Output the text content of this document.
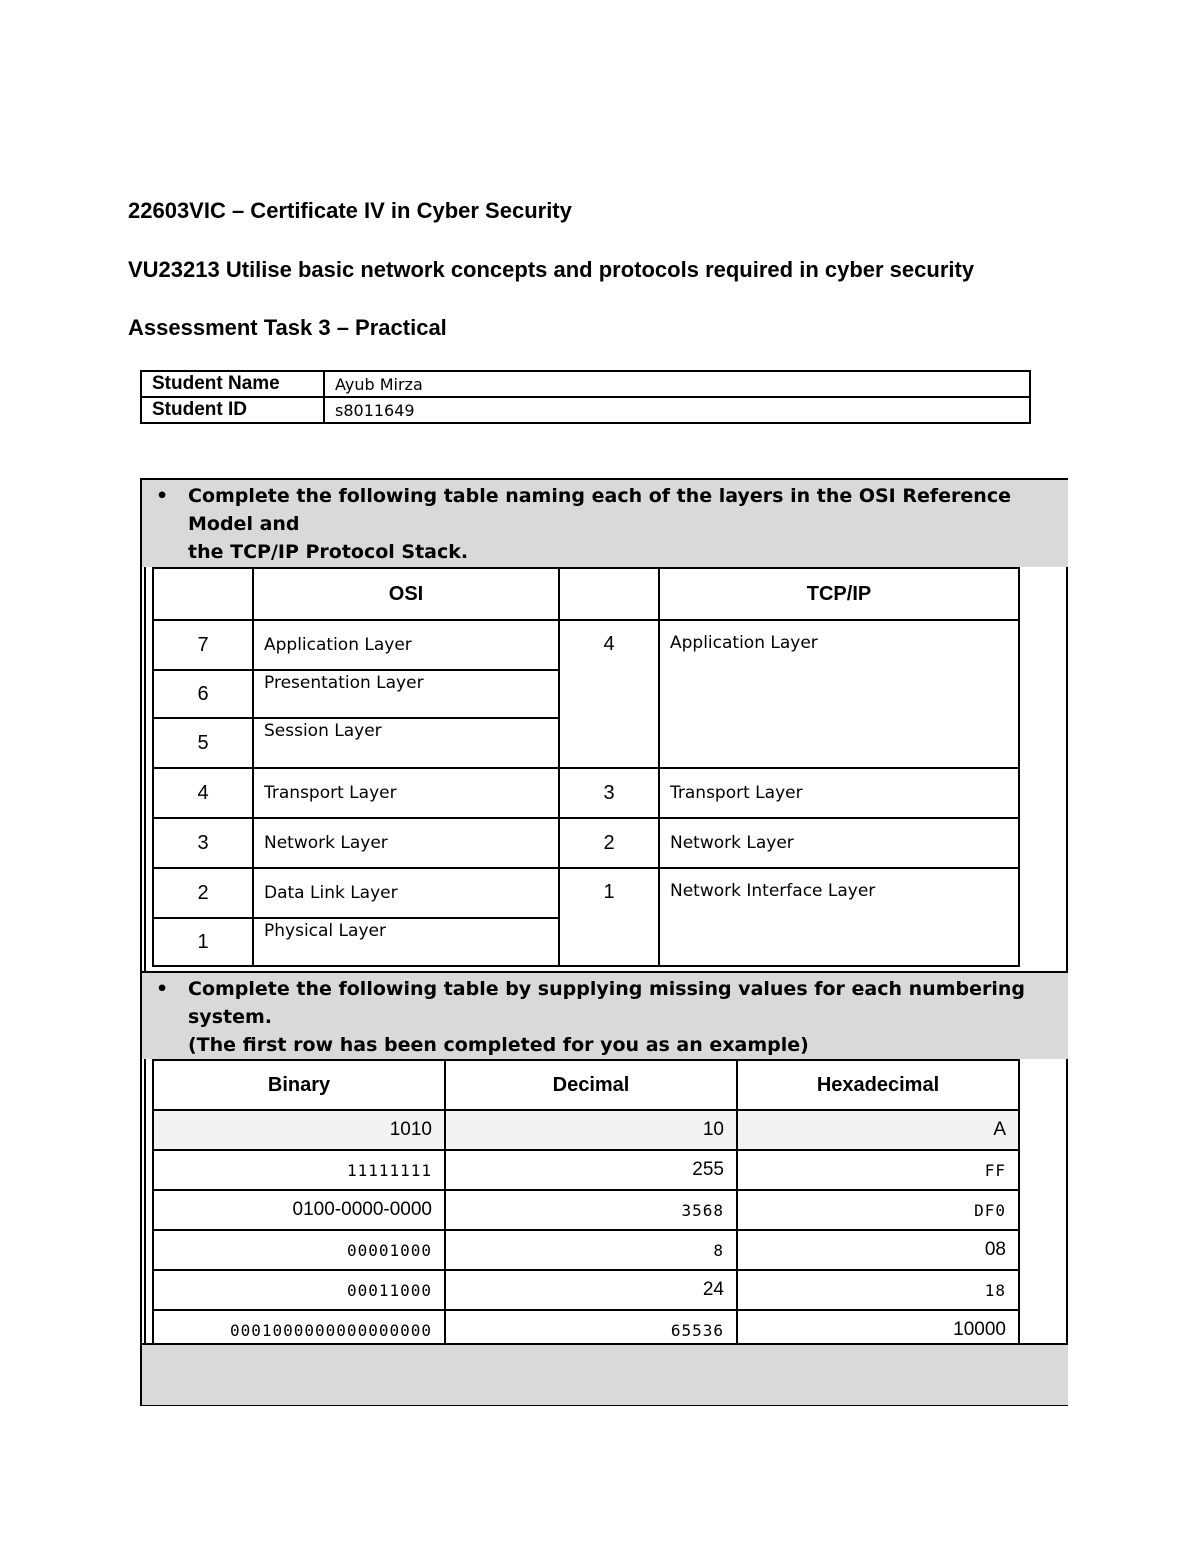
22603VIC – Certificate IV in Cyber Security
VU23213 Utilise basic network concepts and protocols required in cyber security
Assessment Task 3 – Practical
Student Name	Ayub Mirza
Student ID	s8011649
• Complete the following table naming each of the layers in the OSI Reference Model and
the TCP/IP Protocol Stack.
	OSI		TCP/IP
7	Application Layer	4	Application Layer
6	Presentation Layer		
5	Session Layer		
4	Transport Layer	3	Transport Layer
3	Network Layer	2	Network Layer
2	Data Link Layer	1	Network Interface Layer
1	Physical Layer		
• Complete the following table by supplying missing values for each numbering system.
(The first row has been completed for you as an example)
Binary	Decimal	Hexadecimal
1010	10	A
11111111	255	FF
0100-0000-0000	3568	DF0
00001000	8	08
00011000	24	18
0001000000000000000	65536	10000
